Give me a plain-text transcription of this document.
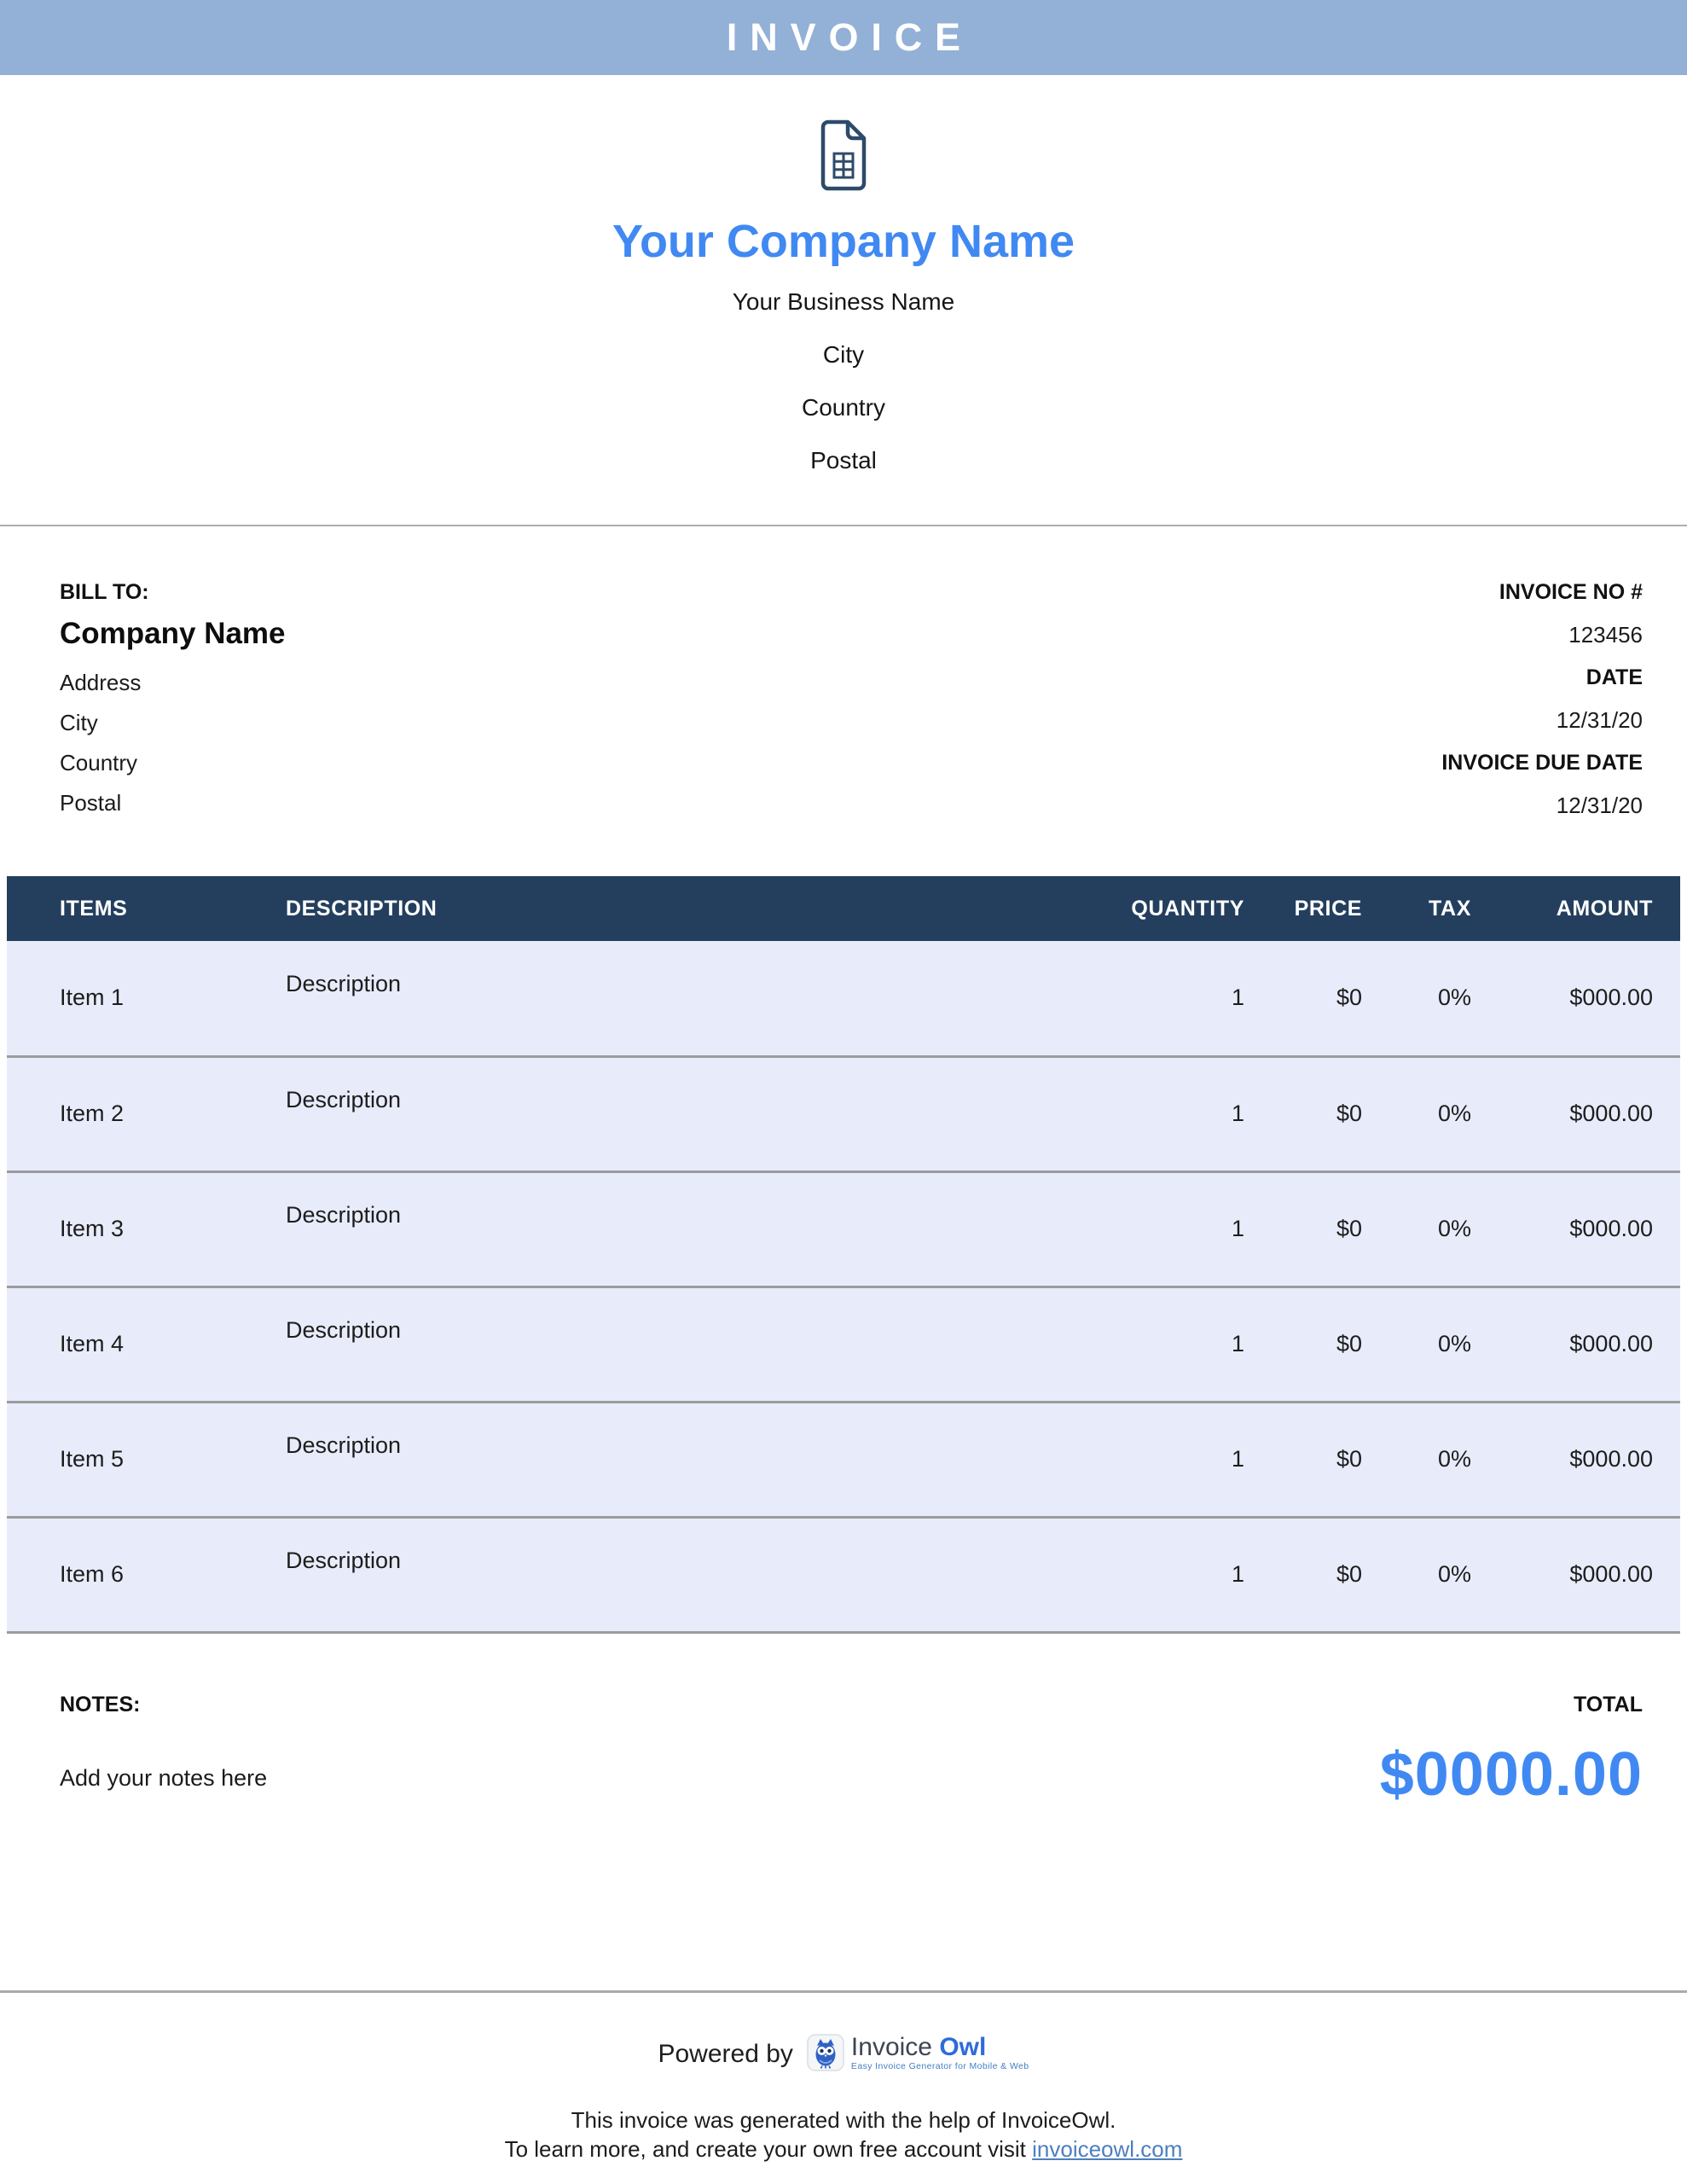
INVOICE
Your Company Name
Your Business Name
City
Country
Postal
BILL TO:
Company Name
Address
City
Country
Postal
INVOICE NO #
123456
DATE
12/31/20
INVOICE DUE DATE
12/31/20
ITEMS	DESCRIPTION	QUANTITY	PRICE	TAX	AMOUNT
Item 1	Description	1	$0	0%	$000.00
Item 2	Description	1	$0	0%	$000.00
Item 3	Description	1	$0	0%	$000.00
Item 4	Description	1	$0	0%	$000.00
Item 5	Description	1	$0	0%	$000.00
Item 6	Description	1	$0	0%	$000.00
NOTES:
Add your notes here
TOTAL
$0000.00
Powered by Invoice Owl
Easy Invoice Generator for Mobile & Web
This invoice was generated with the help of InvoiceOwl.
To learn more, and create your own free account visit invoiceowl.com
